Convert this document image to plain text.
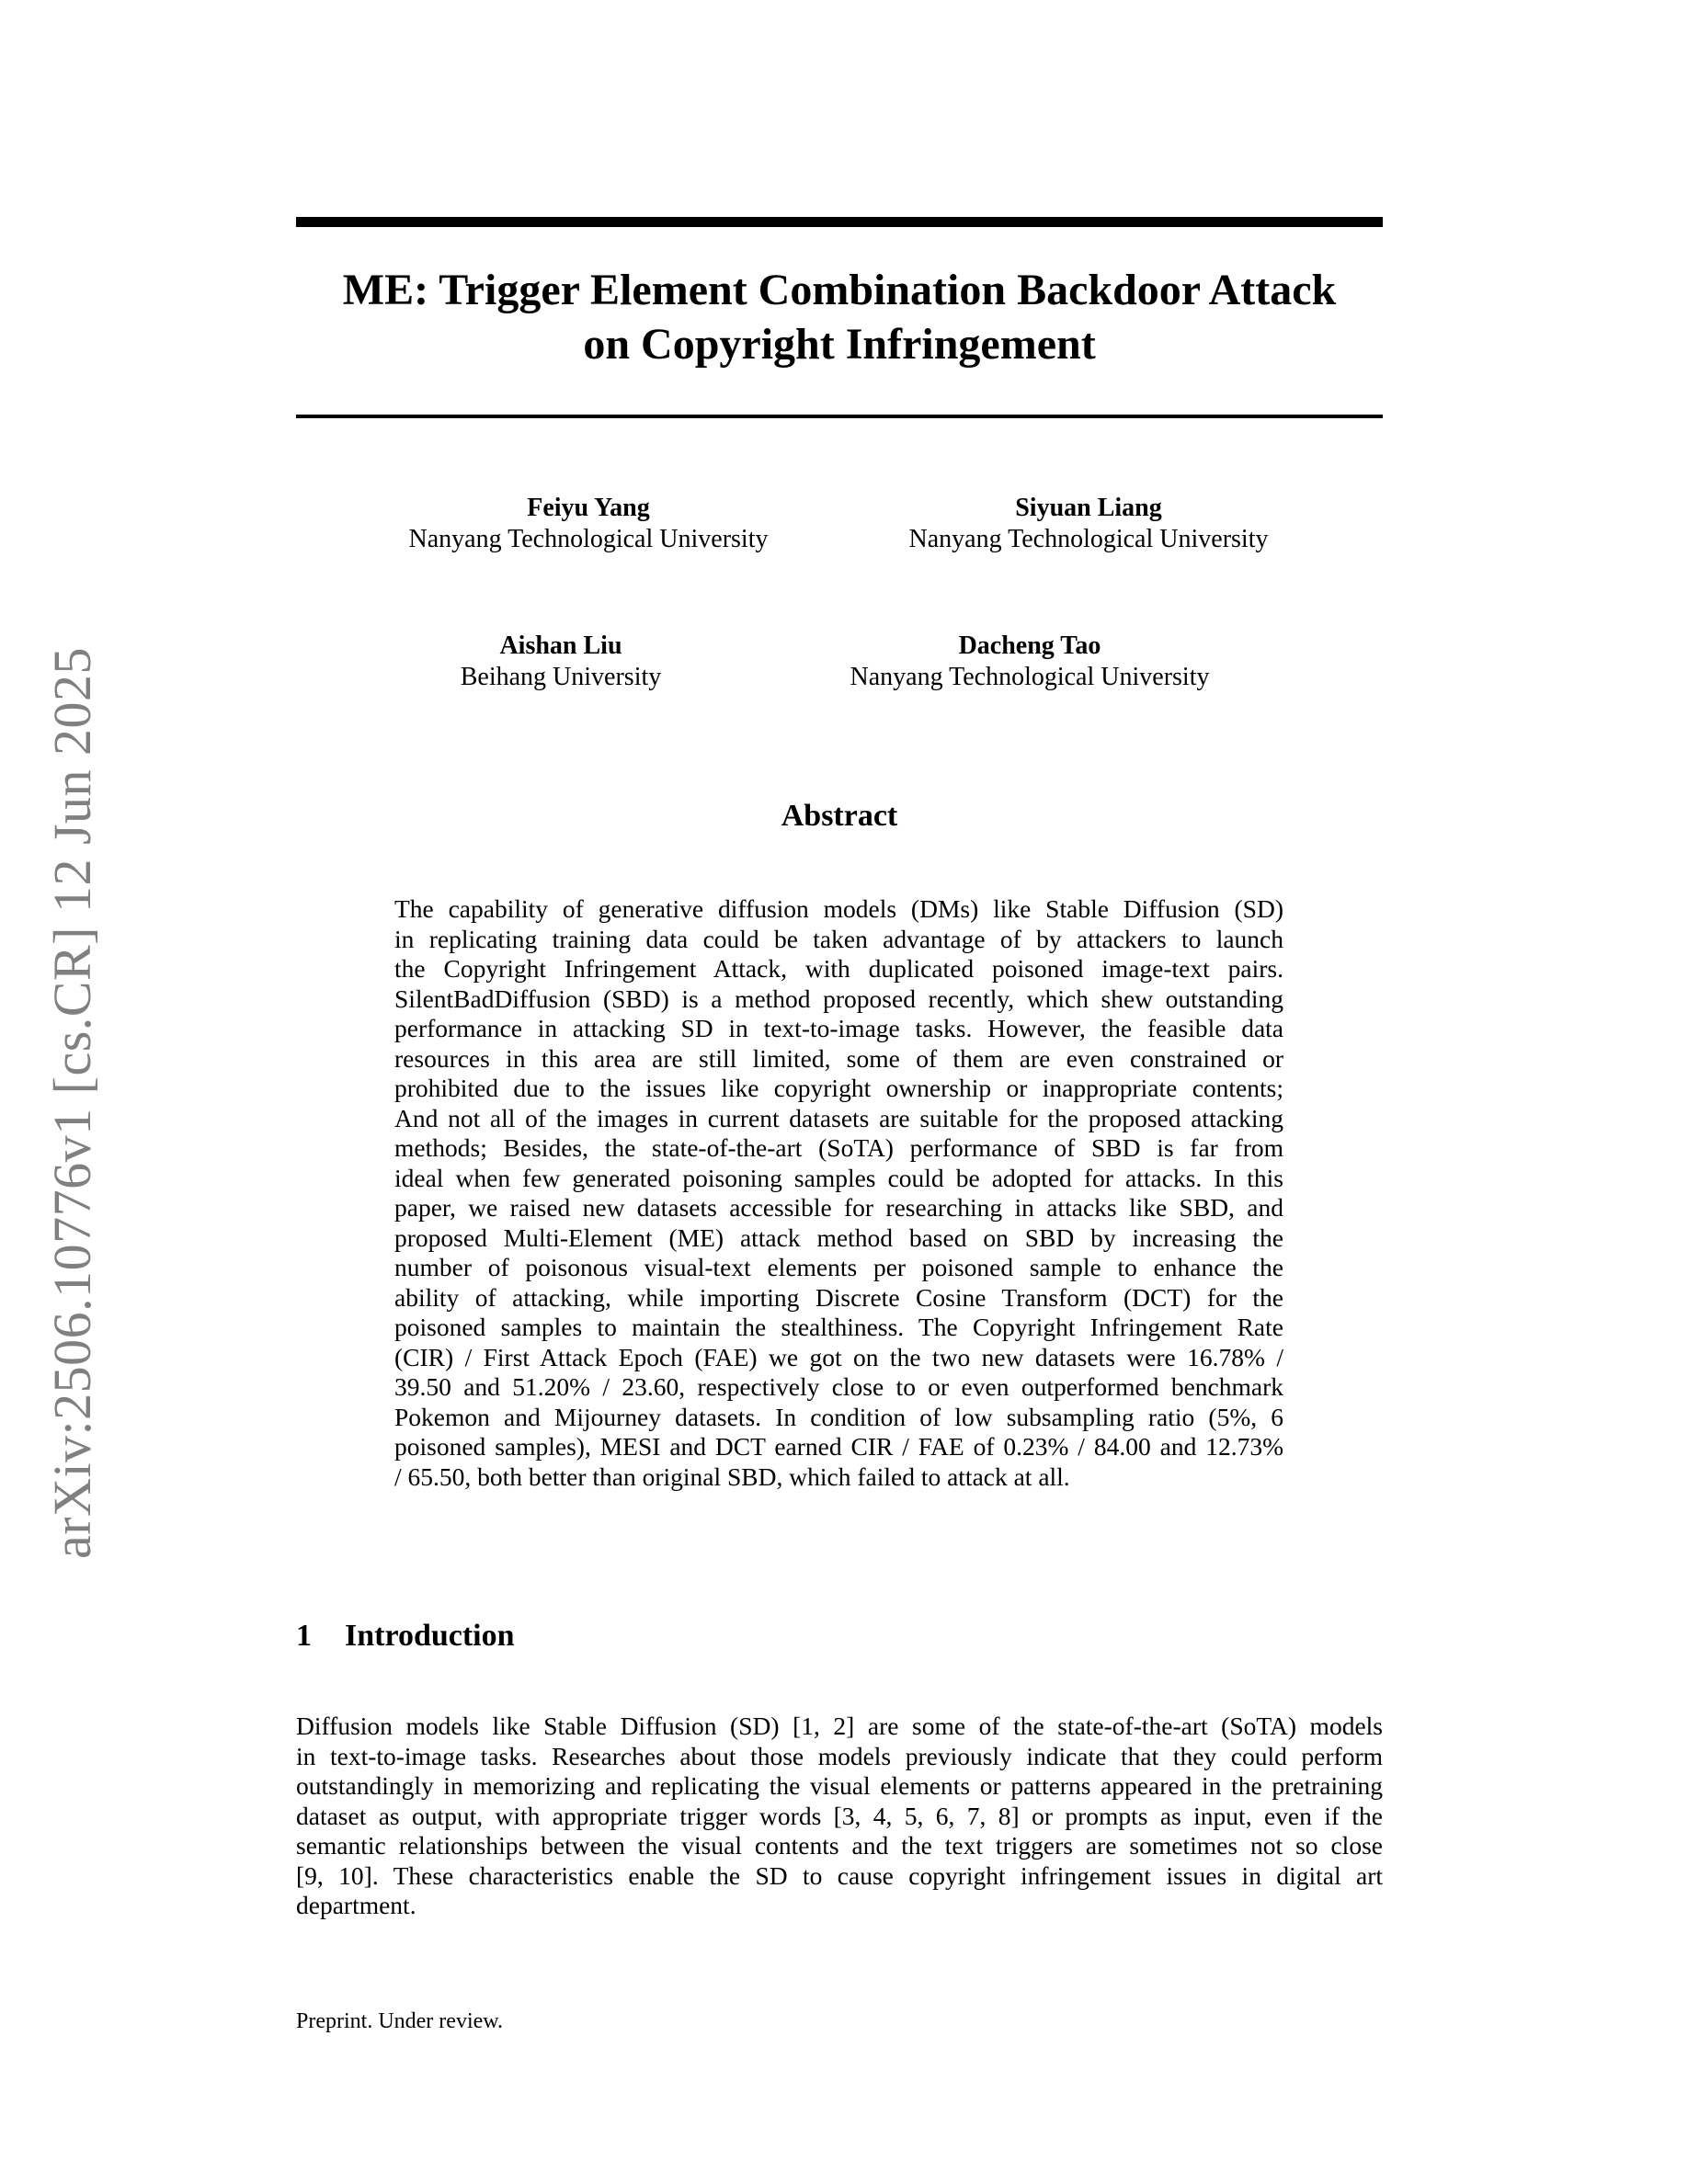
arXiv:2506.10776v1 [cs.CR] 12 Jun 2025
ME: Trigger Element Combination Backdoor Attack
on Copyright Infringement
Feiyu Yang
Nanyang Technological University
Siyuan Liang
Nanyang Technological University
Aishan Liu
Beihang University
Dacheng Tao
Nanyang Technological University
Abstract
The capability of generative diffusion models (DMs) like Stable Diffusion (SD)
in replicating training data could be taken advantage of by attackers to launch
the Copyright Infringement Attack, with duplicated poisoned image-text pairs.
SilentBadDiffusion (SBD) is a method proposed recently, which shew outstanding
performance in attacking SD in text-to-image tasks. However, the feasible data
resources in this area are still limited, some of them are even constrained or
prohibited due to the issues like copyright ownership or inappropriate contents;
And not all of the images in current datasets are suitable for the proposed attacking
methods; Besides, the state-of-the-art (SoTA) performance of SBD is far from
ideal when few generated poisoning samples could be adopted for attacks. In this
paper, we raised new datasets accessible for researching in attacks like SBD, and
proposed Multi-Element (ME) attack method based on SBD by increasing the
number of poisonous visual-text elements per poisoned sample to enhance the
ability of attacking, while importing Discrete Cosine Transform (DCT) for the
poisoned samples to maintain the stealthiness. The Copyright Infringement Rate
(CIR) / First Attack Epoch (FAE) we got on the two new datasets were 16.78% /
39.50 and 51.20% / 23.60, respectively close to or even outperformed benchmark
Pokemon and Mijourney datasets. In condition of low subsampling ratio (5%, 6
poisoned samples), MESI and DCT earned CIR / FAE of 0.23% / 84.00 and 12.73%
/ 65.50, both better than original SBD, which failed to attack at all.
1 Introduction
Diffusion models like Stable Diffusion (SD) [1, 2] are some of the state-of-the-art (SoTA) models
in text-to-image tasks. Researches about those models previously indicate that they could perform
outstandingly in memorizing and replicating the visual elements or patterns appeared in the pretraining
dataset as output, with appropriate trigger words [3, 4, 5, 6, 7, 8] or prompts as input, even if the
semantic relationships between the visual contents and the text triggers are sometimes not so close
[9, 10]. These characteristics enable the SD to cause copyright infringement issues in digital art
department.
Preprint. Under review.
